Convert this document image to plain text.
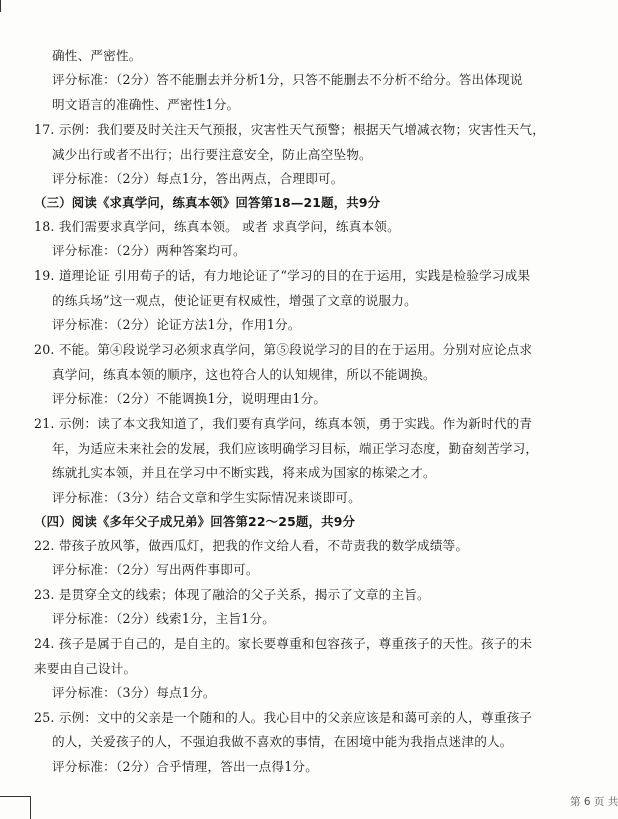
确性、严密性。
评分标准：（2分）答不能删去并分析1分，只答不能删去不分析不给分。答出体现说
明文语言的准确性、严密性1分。
17. 示例：我们要及时关注天气预报，灾害性天气预警；根据天气增减衣物；灾害性天气，
减少出行或者不出行；出行要注意安全，防止高空坠物。
评分标准：（2分）每点1分，答出两点，合理即可。
（三）阅读《求真学问，练真本领》回答第18—21题，共9分
18. 我们需要求真学问，练真本领。 或者 求真学问，练真本领。
评分标准：（2分）两种答案均可。
19. 道理论证 引用荀子的话，有力地论证了“学习的目的在于运用，实践是检验学习成果
的练兵场”这一观点，使论证更有权威性，增强了文章的说服力。
评分标准：（2分）论证方法1分，作用1分。
20. 不能。第④段说学习必须求真学问，第⑤段说学习的目的在于运用。分别对应论点求
真学问，练真本领的顺序，这也符合人的认知规律，所以不能调换。
评分标准：（2分）不能调换1分，说明理由1分。
21. 示例：读了本文我知道了，我们要有真学问，练真本领，勇于实践。作为新时代的青
年，为适应未来社会的发展，我们应该明确学习目标，端正学习态度，勤奋刻苦学习，
练就扎实本领，并且在学习中不断实践，将来成为国家的栋梁之才。
评分标准：（3分）结合文章和学生实际情况来谈即可。
（四）阅读《多年父子成兄弟》回答第22～25题，共9分
22. 带孩子放风筝，做西瓜灯，把我的作文给人看，不苛责我的数学成绩等。
评分标准：（2分）写出两件事即可。
23. 是贯穿全文的线索；体现了融洽的父子关系，揭示了文章的主旨。
评分标准：（2分）线索1分，主旨1分。
24. 孩子是属于自己的，是自主的。家长要尊重和包容孩子，尊重孩子的天性。孩子的未
来要由自己设计。
评分标准：（3分）每点1分。
25. 示例：文中的父亲是一个随和的人。我心目中的父亲应该是和蔼可亲的人，尊重孩子
的人，关爱孩子的人，不强迫我做不喜欢的事情，在困境中能为我指点迷津的人。
评分标准：（2分）合乎情理，答出一点得1分。
第 6 页 共
